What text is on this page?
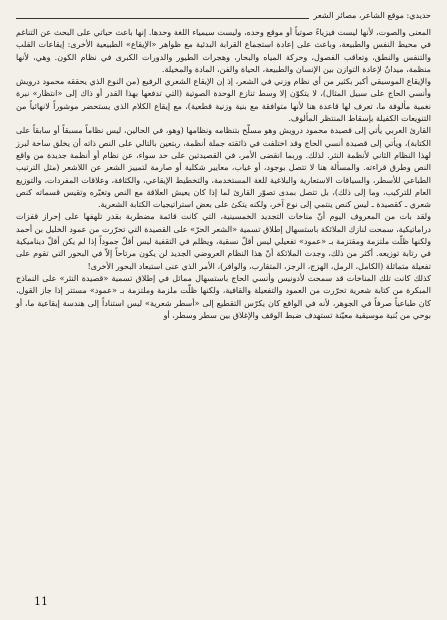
حديدي: موقع الشاعر، مصائر الشعر

المعنى والصوت، لأنها ليست فيزياءً صوتياً أو موقع وحده، وليست سيمياء اللغة وحدها. إنها باعث حياتي على البحث عن التناغم في محيط النفس والطبيعة، وباعث على إعادة استجماع القرابة البدئية مع ظواهر «الإيقاع» الطبيعية الأخرى: إيقاعات القلب والتنفس والنطق، وتعاقب الفصول، وحركة المياه والبحار، وهجرات الطيور والدورات الكبرى في نظام الكون. وهي، لأنها منظمة، ميدانٌ لإعادة التوازن بين الإنسان والطبيعة، الحياة والفن، المادة والمخيلة.

والإيقاع الموسيقي أكبر بكثير من أي نظام وزني في الشعر، إذ إن الإيقاع الشعري الرفيع (من النوع الذي يحققه محمود درويش وأنسي الحاج على سبيل المثال)، لا يتكوّن إلا وسط تنازع الوحدة الصوتية (التي تدفعها بهذا القدر أو ذاك إلى «انتظار» نبرة نغمية مألوفة ما، تعرف لها قاعدة هنا لأنها متوافقة مع بنية وزنية قطعية)، مع إيقاع الكلام الذي يستحضر موشوراً لانهائياً من التنويعات الكفيلة بإسقاط المنتظر المألوف.

القارئ العربي يأتي إلى قصيدة محمود درويش وهو مسلّح بتنظامه ونظامها (وهو، في الحالين، ليس نظاماً مسبقاً أو سابقاً على الكتابة)، ويأتي إلى قصيدة أنسي الحاج وقد اختلفت في ذائقته جملة أنظمة، ربتعين بالتالي على النص ذاته أن يخلق ساحة لبرز لهذا النظام الثاني لأنظمة النثر. لذلك. وربما انقضى الأمر، في القصيدتين على حد سواء، عن نظام أو أنظمة جديدة من واقع النص وطرق قراءته. والمسألة هنا لا تتصل بوجود، أو غياب، معايير شكلية أو صارمة لتمييز الشعر عن اللاشعر (مثل الترتيب الطباعي للأسطر، والسياقات الاستعارية والبلاغية للغة المستخدمة، والتخطيط الإيقاعي، والكثافة، وعلاقات المفردات، والتوزيع العام للتركيب، وما إلى ذلك)، بل تتصل بمدى تصوّر القارئ لما إذا كان يعيش العلاقة مع النص وتغيّره وتقيس قسماته كنص شعري ـ كقصيدة ـ ليس كنص ينتمي إلى نوع آخر، ولكنه يتكئ على بعض استراتيجيات الكتابة الشعرية.

ولقد بات من المعروف اليوم أنّ مناخات التجديد الخمسينية، التي كانت قائمة مضطربة بقدر تلهفها على إحراز قفزات دراماتيكية، سمحت لنازك الملائكة باستسهال إطلاق تسمية «الشعر الحرّ» على القصيدة التي تحرّرت من عمود الخليل بن أحمد ولكنها ظلّت ملتزمة ومقتزمة بـ «عمود» تفعيلي ليس أقلّ نسقية، ويظلم في التقفية ليس أقلّ جموداً إذا لم يكن أقلّ ديناميكية في رتابة توزيعه. أكثر من ذلك، وجدت الملائكة أنّ هذا النظام العروضي الجديد لن يكون مرتاحاً إلاّ في البحور التي تقوم على تفعيلة متماثلة (الكامل، الرمل، الهزج، الرجز، المتقارب، والوافر)، الأمر الذي عنى استبعاد البحور الأخرى!

كذلك كانت تلك المناخات قد سمحت لأدونيس وأنسي الحاج باستسهال مماثل في إطلاق تسمية «قصيدة النثر» على النماذج المبكرة من كتابة شعرية تحرّرت من العمود والتفعيلة والقافية، ولكنها ظلّت ملزمة وملتزمة بـ «عمود» مستتر إذا جاز القول، كان طباعياً صرفاً في الجوهر، لأنه في الواقع كان يكرّس التقطيع إلى «أسطر شعرية» ليس استناداً إلى هندسة إيقاعية ما، أو بوحي من بُنية موسيقية معيّنة تستهدف ضبط الوقف والإغلاق بين سطر وسطر، أو

11
